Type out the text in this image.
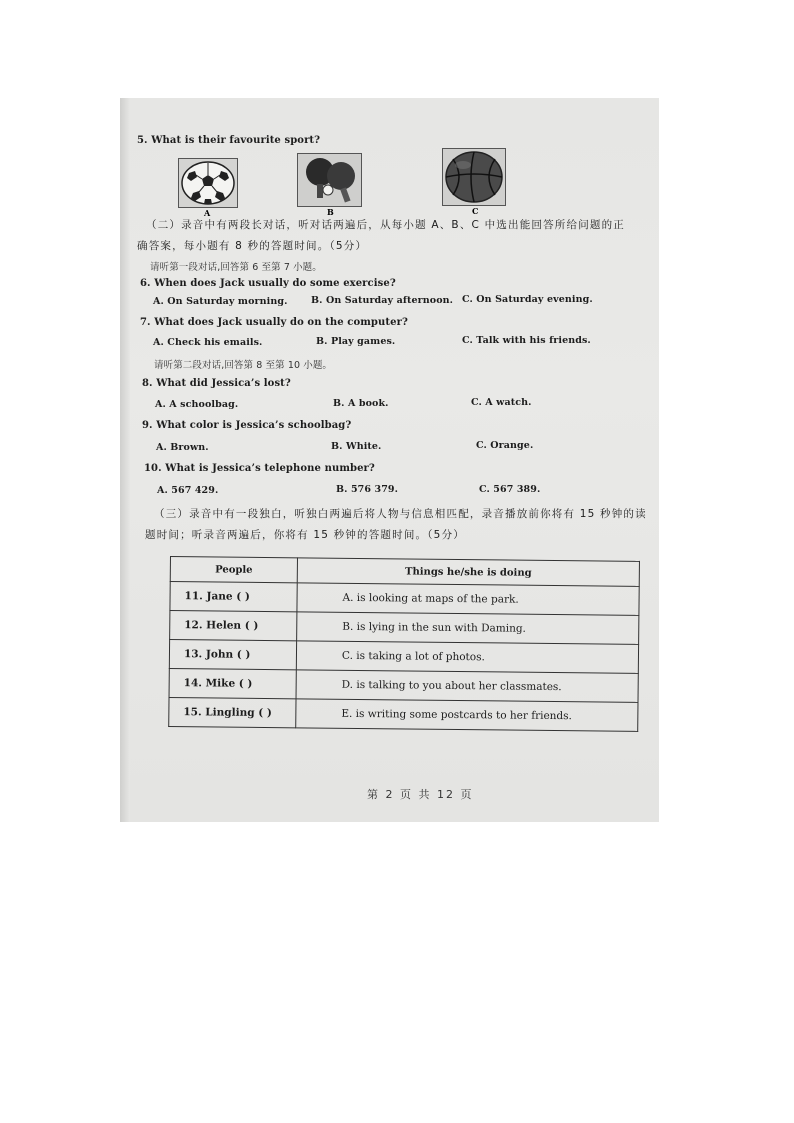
5. What is their favourite sport?
A	B	C
（二）录音中有两段长对话，听对话两遍后，从每小题 A、B、C 中选出能回答所给问题的正
确答案，每小题有 8 秒的答题时间。（5分）
请听第一段对话,回答第 6 至第 7 小题。
6. When does Jack usually do some exercise?
A. On Saturday morning. B. On Saturday afternoon. C. On Saturday evening.
7. What does Jack usually do on the computer?
A. Check his emails.	B. Play games.	C. Talk with his friends.
请听第二段对话,回答第 8 至第 10 小题。
8. What did Jessica’s lost?
A. A schoolbag.	B. A book.	C. A watch.
9. What color is Jessica’s schoolbag?
A. Brown.	B. White.	C. Orange.
10. What is Jessica’s telephone number?
A. 567 429.	B. 576 379.	C. 567 389.
（三）录音中有一段独白，听独白两遍后将人物与信息相匹配，录音播放前你将有 15 秒钟的读
题时间；听录音两遍后，你将有 15 秒钟的答题时间。（5分）
People	Things he/she is doing
11. Jane ( )	A. is looking at maps of the park.
12. Helen ( )	B. is lying in the sun with Daming.
13. John ( )	C. is taking a lot of photos.
14. Mike ( )	D. is talking to you about her classmates.
15. Lingling ( )	E. is writing some postcards to her friends.
第 2 页 共 12 页
